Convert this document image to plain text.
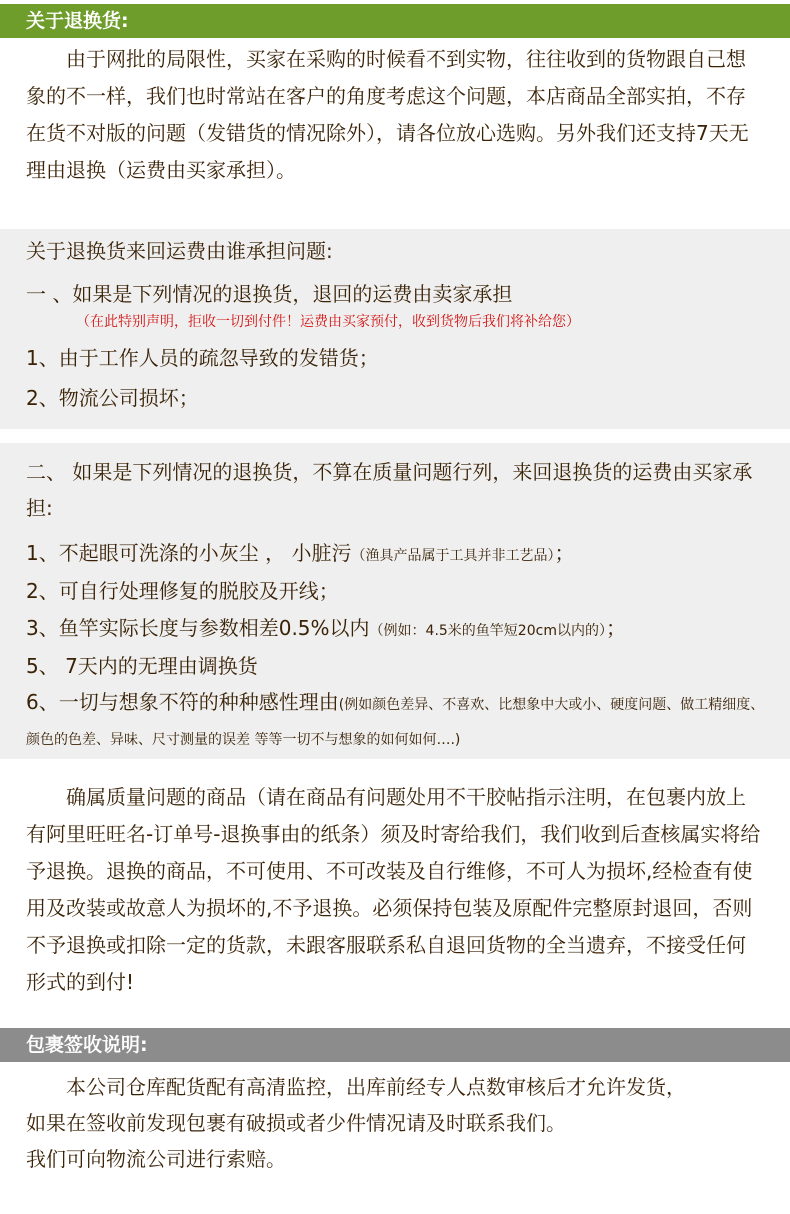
关于退换货:
由于网批的局限性，买家在采购的时候看不到实物，往往收到的货物跟自己想象的不一样，我们也时常站在客户的角度考虑这个问题，本店商品全部实拍，不存在货不对版的问题（发错货的情况除外），请各位放心选购。另外我们还支持7天无理由退换（运费由买家承担）。
关于退换货来回运费由谁承担问题:
一 、如果是下列情况的退换货，退回的运费由卖家承担
（在此特别声明，拒收一切到付件！运费由买家预付，收到货物后我们将补给您）
1、由于工作人员的疏忽导致的发错货；
2、物流公司损坏；
二、 如果是下列情况的退换货，不算在质量问题行列，来回退换货的运费由买家承担:
1、不起眼可洗涤的小灰尘 ， 小脏污（渔具产品属于工具并非工艺品）；
2、可自行处理修复的脱胶及开线；
3、鱼竿实际长度与参数相差0.5%以内（例如：4.5米的鱼竿短20cm以内的）；
5、 7天内的无理由调换货
6、一切与想象不符的种种感性理由(例如颜色差异、不喜欢、比想象中大或小、硬度问题、做工精细度、颜色的色差、异味、尺寸测量的误差 等等一切不与想象的如何如何….)
确属质量问题的商品（请在商品有问题处用不干胶帖指示注明，在包裹内放上有阿里旺旺名-订单号-退换事由的纸条）须及时寄给我们，我们收到后查核属实将给予退换。退换的商品，不可使用、不可改装及自行维修，不可人为损坏,经检查有使用及改装或故意人为损坏的,不予退换。必须保持包装及原配件完整原封退回，否则不予退换或扣除一定的货款，未跟客服联系私自退回货物的全当遗弃，不接受任何形式的到付!
包裹签收说明:
本公司仓库配货配有高清监控，出库前经专人点数审核后才允许发货，
如果在签收前发现包裹有破损或者少件情况请及时联系我们。
我们可向物流公司进行索赔。
